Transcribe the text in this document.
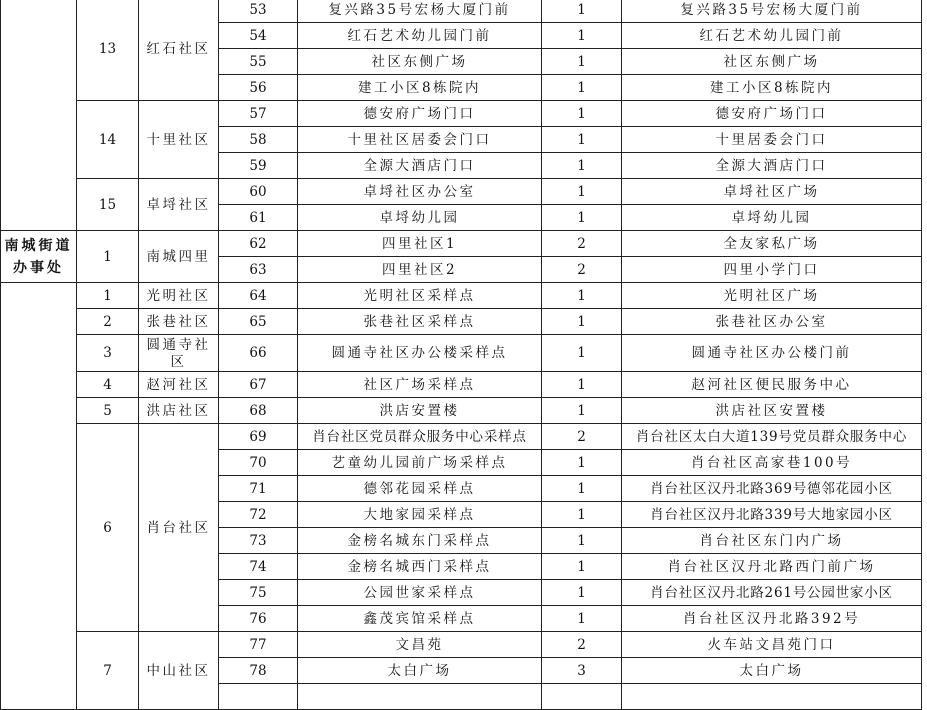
	13	红石社区	53	复兴路35号宏杨大厦门前	1	复兴路35号宏杨大厦门前
			54	红石艺术幼儿园门前	1	红石艺术幼儿园门前
			55	社区东侧广场	1	社区东侧广场
			56	建工小区8栋院内	1	建工小区8栋院内
	14	十里社区	57	德安府广场门口	1	德安府广场门口
			58	十里社区居委会门口	1	十里居委会门口
			59	全源大酒店门口	1	全源大酒店门口
	15	卓埒社区	60	卓埒社区办公室	1	卓埒社区广场
			61	卓埒幼儿园	1	卓埒幼儿园
南城街道办事处	1	南城四里	62	四里社区1	2	全友家私广场
			63	四里社区2	2	四里小学门口
	1	光明社区	64	光明社区采样点	1	光明社区广场
	2	张巷社区	65	张巷社区采样点	1	张巷社区办公室
	3	圆通寺社区	66	圆通寺社区办公楼采样点	1	圆通寺社区办公楼门前
	4	赵河社区	67	社区广场采样点	1	赵河社区便民服务中心
	5	洪店社区	68	洪店安置楼	1	洪店社区安置楼
	6	肖台社区	69	肖台社区党员群众服务中心采样点	2	肖台社区太白大道139号党员群众服务中心
			70	艺童幼儿园前广场采样点	1	肖台社区高家巷100号
			71	德邻花园采样点	1	肖台社区汉丹北路369号德邻花园小区
			72	大地家园采样点	1	肖台社区汉丹北路339号大地家园小区
			73	金榜名城东门采样点	1	肖台社区东门内广场
			74	金榜名城西门采样点	1	肖台社区汉丹北路西门前广场
			75	公园世家采样点	1	肖台社区汉丹北路261号公园世家小区
			76	鑫茂宾馆采样点	1	肖台社区汉丹北路392号
	7	中山社区	77	文昌苑	2	火车站文昌苑门口
			78	太白广场	3	太白广场
